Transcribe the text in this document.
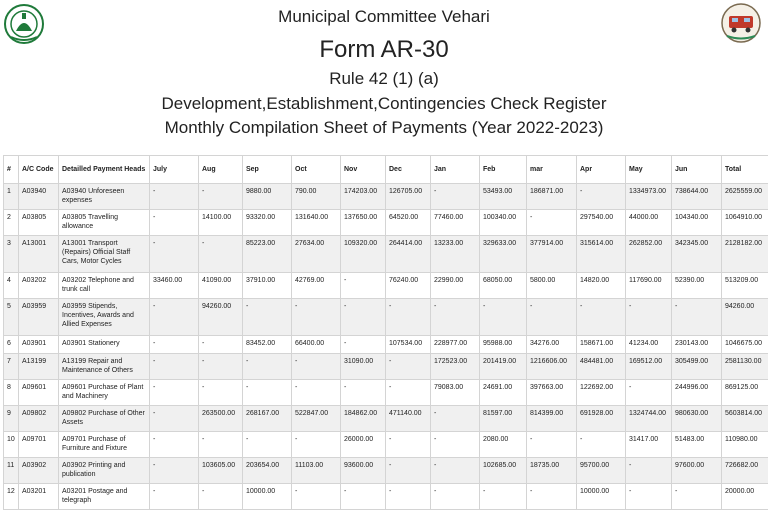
Municipal Committee Vehari
Form AR-30
Rule 42 (1) (a)
Development,Establishment,Contingencies Check Register
Monthly Compilation Sheet of Payments (Year 2022-2023)
#	A/C Code	Detailled Payment Heads	July	Aug	Sep	Oct	Nov	Dec	Jan	Feb	mar	Apr	May	Jun	Total
1	A03940	A03940 Unforeseen expenses	-	-	9880.00	790.00	174203.00	126705.00	-	53493.00	186871.00	-	1334973.00	738644.00	2625559.00
2	A03805	A03805 Travelling allowance	-	14100.00	93320.00	131640.00	137650.00	64520.00	77460.00	100340.00	-	297540.00	44000.00	104340.00	1064910.00
3	A13001	A13001 Transport (Repairs) Official Staff Cars, Motor Cycles	-	-	85223.00	27634.00	109320.00	264414.00	13233.00	329633.00	377914.00	315614.00	262852.00	342345.00	2128182.00
4	A03202	A03202 Telephone and trunk call	33460.00	41090.00	37910.00	42769.00	-	76240.00	22990.00	68050.00	5800.00	14820.00	117690.00	52390.00	513209.00
5	A03959	A03959 Stipends, Incentives, Awards and Allied Expenses	-	94260.00	-	-	-	-	-	-	-	-	-	-	94260.00
6	A03901	A03901 Stationery	-	-	83452.00	66400.00	-	107534.00	228977.00	95988.00	34276.00	158671.00	41234.00	230143.00	1046675.00
7	A13199	A13199 Repair and Maintenance of Others	-	-	-	-	31090.00	-	172523.00	201419.00	1216606.00	484481.00	169512.00	305499.00	2581130.00
8	A09601	A09601 Purchase of Plant and Machinery	-	-	-	-	-	-	79083.00	24691.00	397663.00	122692.00	-	244996.00	869125.00
9	A09802	A09802 Purchase of Other Assets	-	263500.00	268167.00	522847.00	184862.00	471140.00	-	81597.00	814399.00	691928.00	1324744.00	980630.00	5603814.00
10	A09701	A09701 Purchase of Furniture and Fixture	-	-	-	-	26000.00	-	-	2080.00	-	-	31417.00	51483.00	110980.00
11	A03902	A03902 Printing and publication	-	103605.00	203654.00	11103.00	93600.00	-	-	102685.00	18735.00	95700.00	-	97600.00	726682.00
12	A03201	A03201 Postage and telegraph	-	-	10000.00	-	-	-	-	-	-	10000.00	-	-	20000.00
